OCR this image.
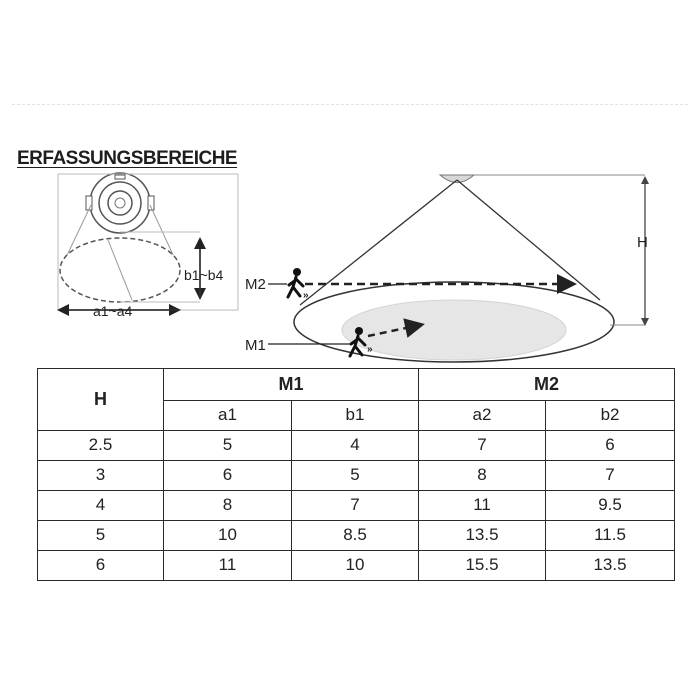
ERFASSUNGSBEREICHE
b1~b4
a1~a4
H
»
M2
»
M1
H	M1		M2	
	a1	b1	a2	b2
2.5	5	4	7	6
3	6	5	8	7
4	8	7	11	9.5
5	10	8.5	13.5	11.5
6	11	10	15.5	13.5
